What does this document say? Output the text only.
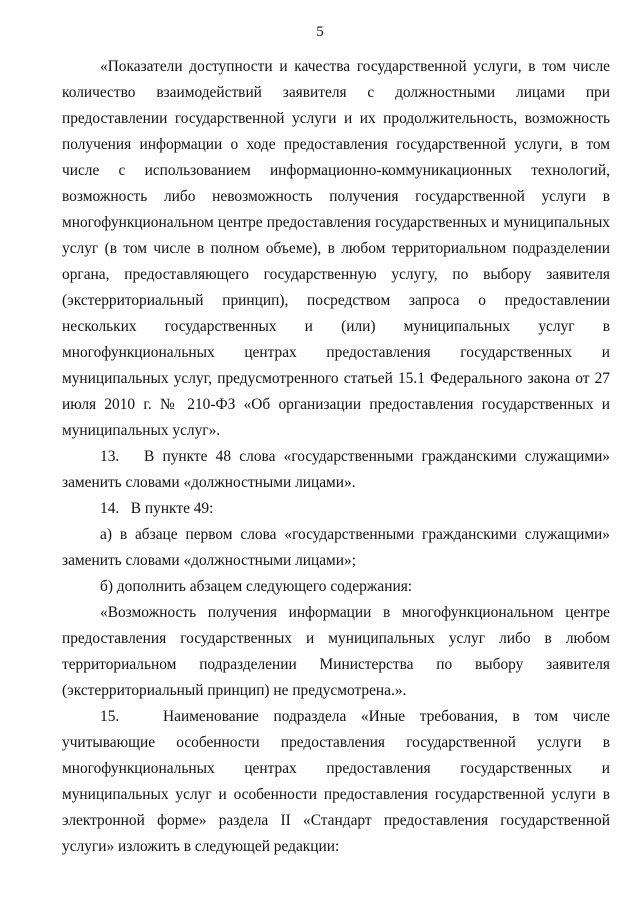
5

«Показатели доступности и качества государственной услуги, в том числе количество взаимодействий заявителя с должностными лицами при предоставлении государственной услуги и их продолжительность, возможность получения информации о ходе предоставления государственной услуги, в том числе с использованием информационно-коммуникационных технологий, возможность либо невозможность получения государственной услуги в многофункциональном центре предоставления государственных и муниципальных услуг (в том числе в полном объеме), в любом территориальном подразделении органа, предоставляющего государственную услугу, по выбору заявителя (экстерриториальный принцип), посредством запроса о предоставлении нескольких государственных и (или) муниципальных услуг в многофункциональных центрах предоставления государственных и муниципальных услуг, предусмотренного статьей 15.1 Федерального закона от 27 июля 2010 г. № 210-ФЗ «Об организации предоставления государственных и муниципальных услуг».

13.   В пункте 48 слова «государственными гражданскими служащими» заменить словами «должностными лицами».

14.   В пункте 49:

а) в абзаце первом слова «государственными гражданскими служащими» заменить словами «должностными лицами»;

б) дополнить абзацем следующего содержания:

«Возможность получения информации в многофункциональном центре предоставления государственных и муниципальных услуг либо в любом территориальном подразделении Министерства по выбору заявителя (экстерриториальный принцип) не предусмотрена.».

15.   Наименование подраздела «Иные требования, в том числе учитывающие особенности предоставления государственной услуги в многофункциональных центрах предоставления государственных и муниципальных услуг и особенности предоставления государственной услуги в электронной форме» раздела II «Стандарт предоставления государственной услуги» изложить в следующей редакции:
